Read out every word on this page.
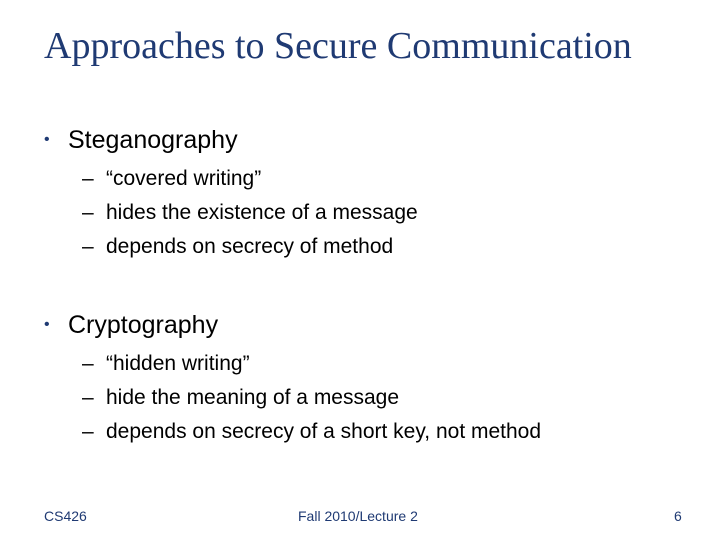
Approaches to Secure Communication
• Steganography
– “covered writing”
– hides the existence of a message
– depends on secrecy of method
• Cryptography
– “hidden writing”
– hide the meaning of a message
– depends on secrecy of a short key, not method
CS426	Fall 2010/Lecture 2	6
